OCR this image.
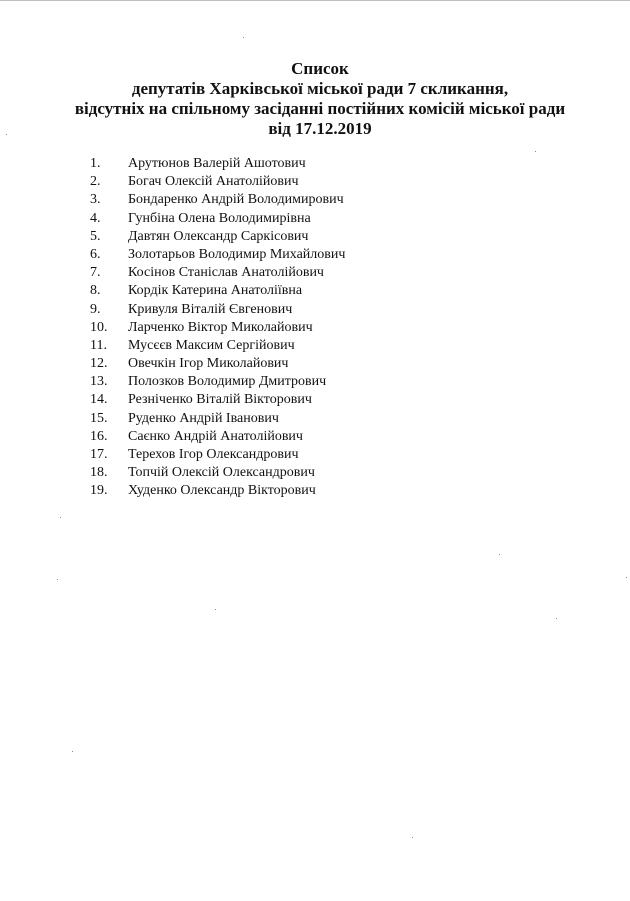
Список
депутатів Харківської міської ради 7 скликання,
відсутніх на спільному засіданні постійних комісій міської ради
від 17.12.2019
1.	Арутюнов Валерій Ашотович
2.	Богач Олексій Анатолійович
3.	Бондаренко Андрій Володимирович
4.	Гунбіна Олена Володимирівна
5.	Давтян Олександр Саркісович
6.	Золотарьов Володимир Михайлович
7.	Косінов Станіслав Анатолійович
8.	Кордік Катерина Анатоліївна
9.	Кривуля Віталій Євгенович
10.	Ларченко Віктор Миколайович
11.	Мусєєв Максим Сергійович
12.	Овечкін Ігор Миколайович
13.	Полозков Володимир Дмитрович
14.	Резніченко Віталій Вікторович
15.	Руденко Андрій Іванович
16.	Саєнко Андрій Анатолійович
17.	Терехов Ігор Олександрович
18.	Топчій Олексій Олександрович
19.	Худенко Олександр Вікторович
